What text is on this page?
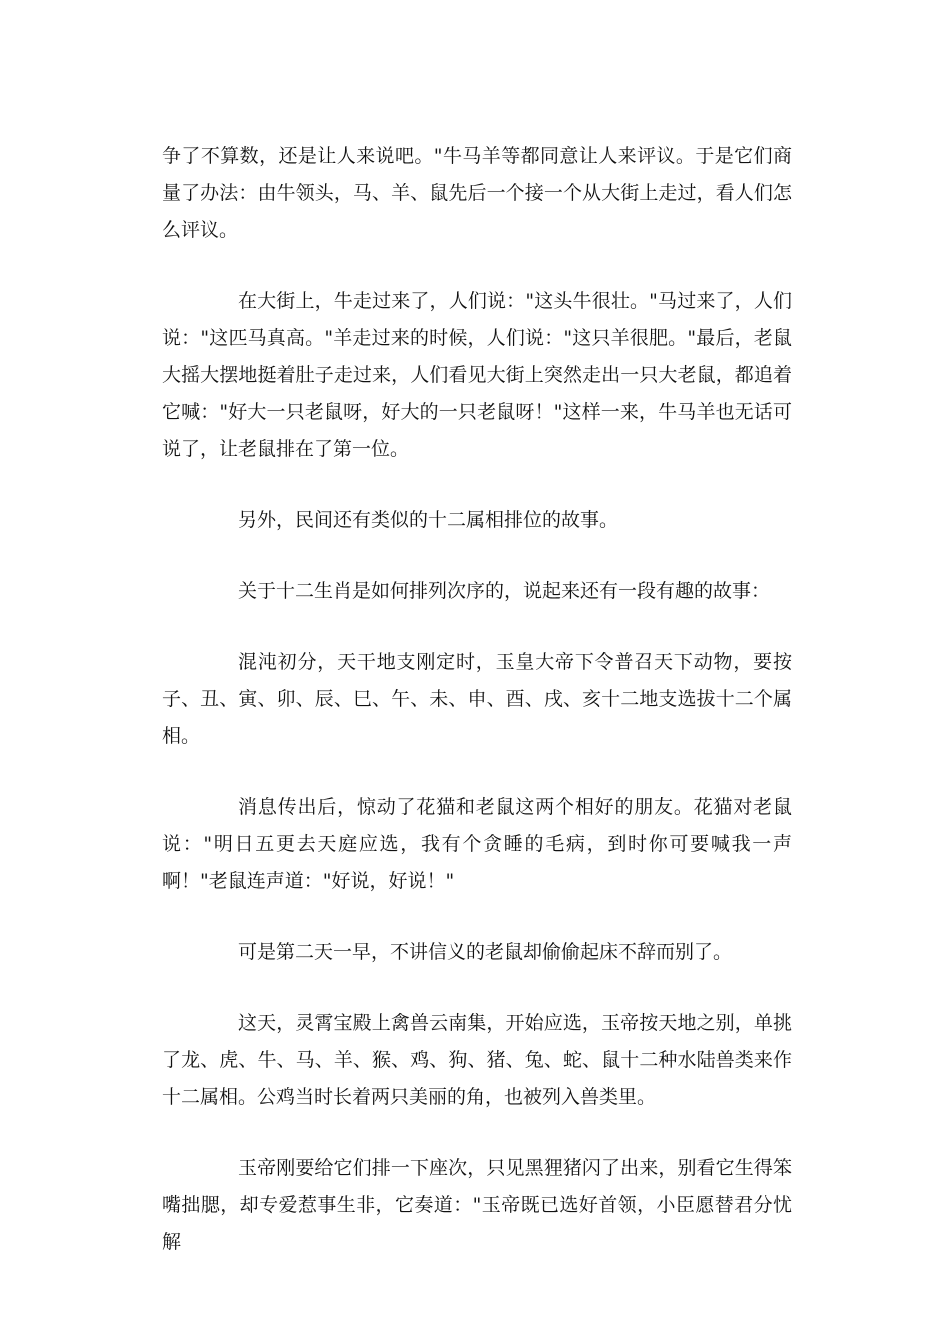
争了不算数，还是让人来说吧。"牛马羊等都同意让人来评议。于是它们商量了办法：由牛领头，马、羊、鼠先后一个接一个从大街上走过，看人们怎么评议。

在大街上，牛走过来了，人们说："这头牛很壮。"马过来了，人们说："这匹马真高。"羊走过来的时候，人们说："这只羊很肥。"最后，老鼠大摇大摆地挺着肚子走过来，人们看见大街上突然走出一只大老鼠，都追着它喊："好大一只老鼠呀，好大的一只老鼠呀！"这样一来，牛马羊也无话可说了，让老鼠排在了第一位。

另外，民间还有类似的十二属相排位的故事。

关于十二生肖是如何排列次序的，说起来还有一段有趣的故事：

混沌初分，天干地支刚定时，玉皇大帝下令普召天下动物，要按子、丑、寅、卯、辰、巳、午、未、申、酉、戌、亥十二地支选拔十二个属相。

消息传出后，惊动了花猫和老鼠这两个相好的朋友。花猫对老鼠说："明日五更去天庭应选，我有个贪睡的毛病，到时你可要喊我一声啊！"老鼠连声道："好说，好说！"

可是第二天一早，不讲信义的老鼠却偷偷起床不辞而别了。

这天，灵霄宝殿上禽兽云南集，开始应选，玉帝按天地之别，单挑了龙、虎、牛、马、羊、猴、鸡、狗、猪、兔、蛇、鼠十二种水陆兽类来作十二属相。公鸡当时长着两只美丽的角，也被列入兽类里。

玉帝刚要给它们排一下座次，只见黑狸猪闪了出来，别看它生得笨嘴拙腮，却专爱惹事生非，它奏道："玉帝既已选好首领，小臣愿替君分忧解
